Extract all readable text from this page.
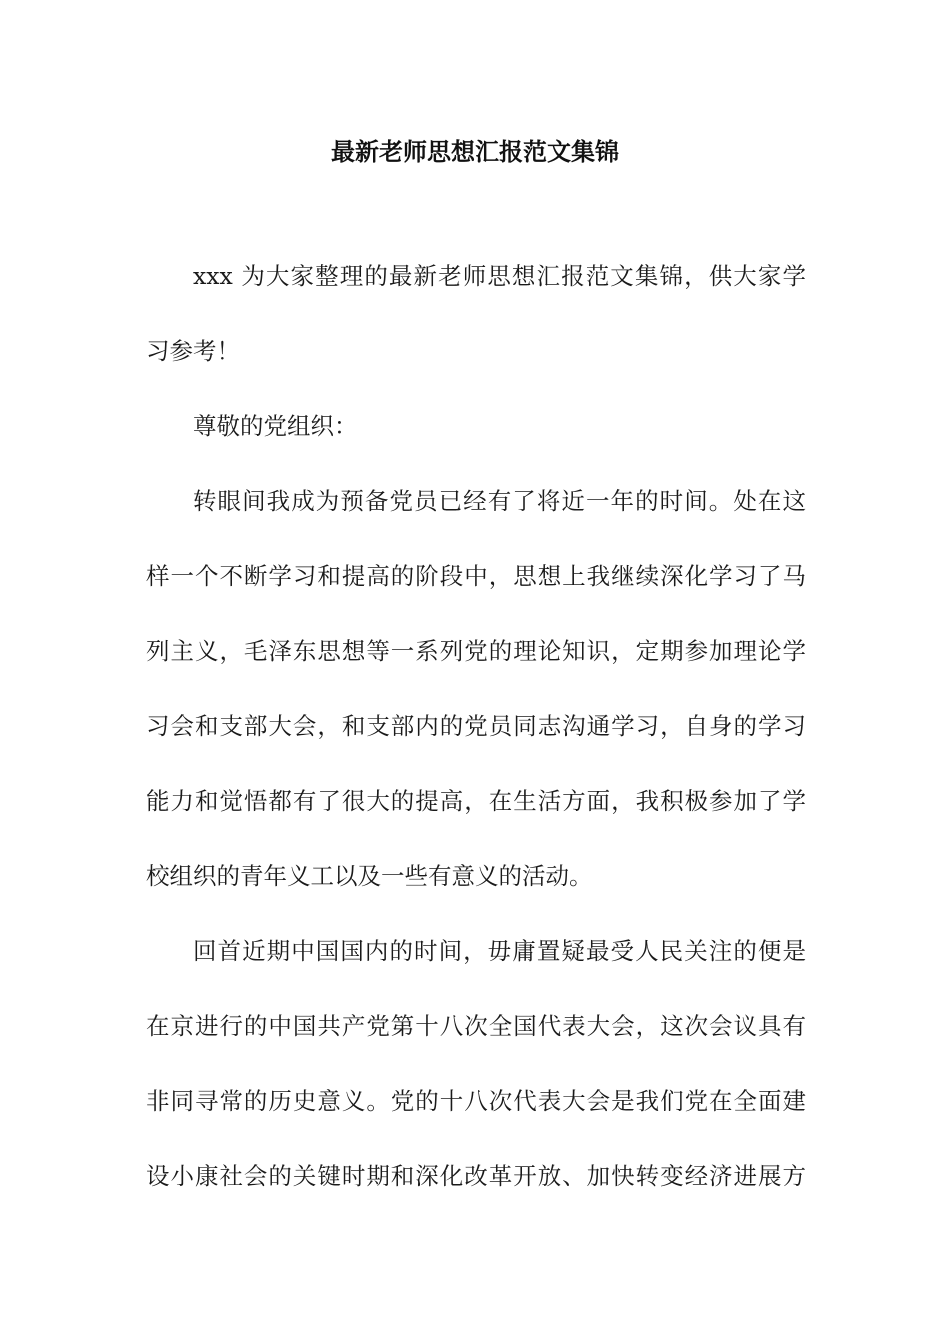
最新老师思想汇报范文集锦

xxx 为大家整理的最新老师思想汇报范文集锦，供大家学

习参考！

尊敬的党组织：

转眼间我成为预备党员已经有了将近一年的时间。处在这

样一个不断学习和提高的阶段中，思想上我继续深化学习了马

列主义，毛泽东思想等一系列党的理论知识，定期参加理论学

习会和支部大会，和支部内的党员同志沟通学习，自身的学习

能力和觉悟都有了很大的提高，在生活方面，我积极参加了学

校组织的青年义工以及一些有意义的活动。

回首近期中国国内的时间，毋庸置疑最受人民关注的便是

在京进行的中国共产党第十八次全国代表大会，这次会议具有

非同寻常的历史意义。党的十八次代表大会是我们党在全面建

设小康社会的关键时期和深化改革开放、加快转变经济进展方
